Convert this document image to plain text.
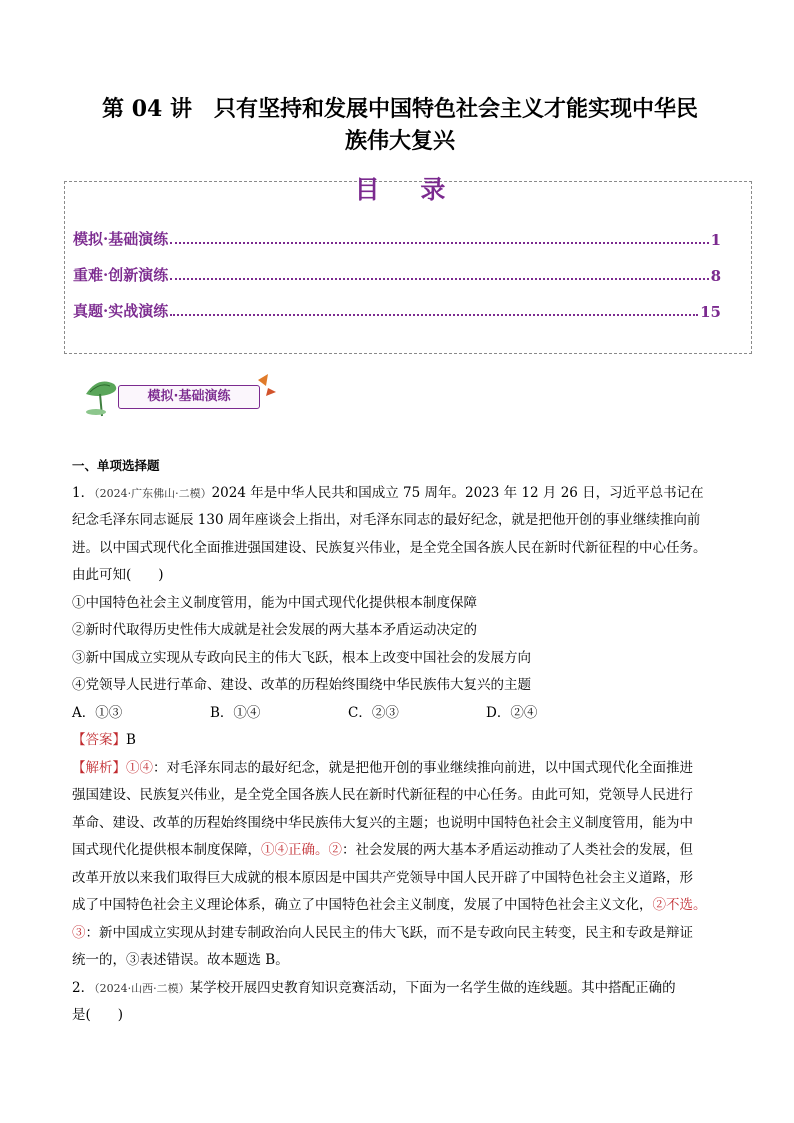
第 04 讲　只有坚持和发展中国特色社会主义才能实现中华民
族伟大复兴
目 录
模拟·基础演练	1
重难·创新演练	8
真题·实战演练	15
模拟·基础演练

一、单项选择题

1．（2024·广东佛山·二模）2024 年是中华人民共和国成立 75 周年。2023 年 12 月 26 日，习近平总书记在

纪念毛泽东同志诞辰 130 周年座谈会上指出，对毛泽东同志的最好纪念，就是把他开创的事业继续推向前

进。以中国式现代化全面推进强国建设、民族复兴伟业，是全党全国各族人民在新时代新征程的中心任务。

由此可知(　　)

①中国特色社会主义制度管用，能为中国式现代化提供根本制度保障

②新时代取得历史性伟大成就是社会发展的两大基本矛盾运动决定的

③新中国成立实现从专政向民主的伟大飞跃，根本上改变中国社会的发展方向

④党领导人民进行革命、建设、改革的历程始终围绕中华民族伟大复兴的主题

A．①③	B．①④	C．②③	D．②④

【答案】B

【解析】①④：对毛泽东同志的最好纪念，就是把他开创的事业继续推向前进，以中国式现代化全面推进

强国建设、民族复兴伟业，是全党全国各族人民在新时代新征程的中心任务。由此可知，党领导人民进行

革命、建设、改革的历程始终围绕中华民族伟大复兴的主题；也说明中国特色社会主义制度管用，能为中

国式现代化提供根本制度保障，①④正确。②：社会发展的两大基本矛盾运动推动了人类社会的发展，但

改革开放以来我们取得巨大成就的根本原因是中国共产党领导中国人民开辟了中国特色社会主义道路，形

成了中国特色社会主义理论体系，确立了中国特色社会主义制度，发展了中国特色社会主义文化，②不选。

③：新中国成立实现从封建专制政治向人民民主的伟大飞跃，而不是专政向民主转变，民主和专政是辩证

统一的，③表述错误。故本题选 B。

2．（2024·山西·二模）某学校开展四史教育知识竞赛活动，下面为一名学生做的连线题。其中搭配正确的

是(　　)
